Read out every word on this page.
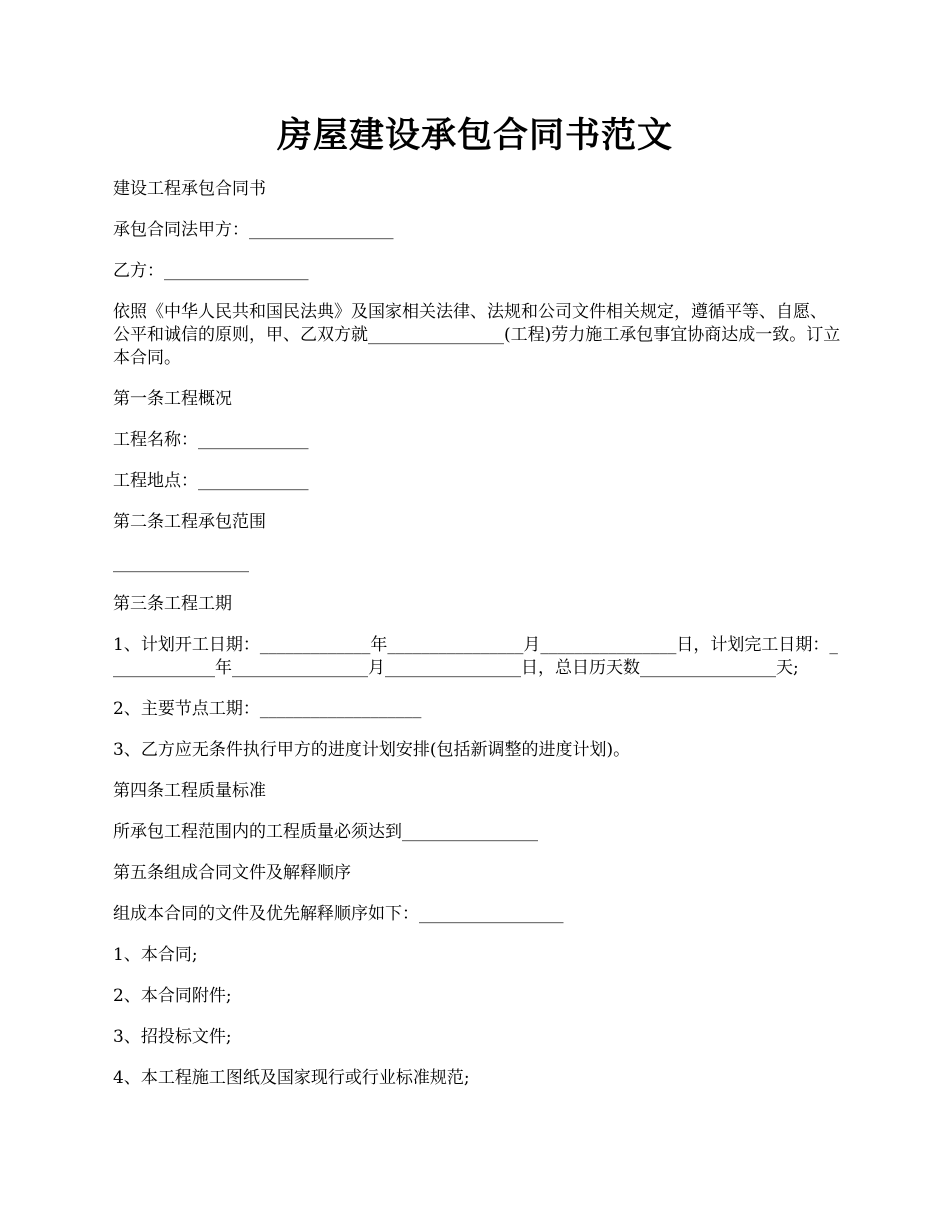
房屋建设承包合同书范文

建设工程承包合同书

承包合同法甲方：_________________

乙方：_________________

依照《中华人民共和国民法典》及国家相关法律、法规和公司文件相关规定，遵循平等、自愿、公平和诚信的原则，甲、乙双方就________________(工程)劳力施工承包事宜协商达成一致。订立本合同。

第一条工程概况

工程名称：_____________

工程地点：_____________

第二条工程承包范围

________________

第三条工程工期

1、计划开工日期：_____________年________________月________________日，计划完工日期：_____________年________________月________________日，总日历天数________________天;

2、主要节点工期：___________________

3、乙方应无条件执行甲方的进度计划安排(包括新调整的进度计划)。

第四条工程质量标准

所承包工程范围内的工程质量必须达到________________

第五条组成合同文件及解释顺序

组成本合同的文件及优先解释顺序如下：_________________

1、本合同;

2、本合同附件;

3、招投标文件;

4、本工程施工图纸及国家现行或行业标准规范;
